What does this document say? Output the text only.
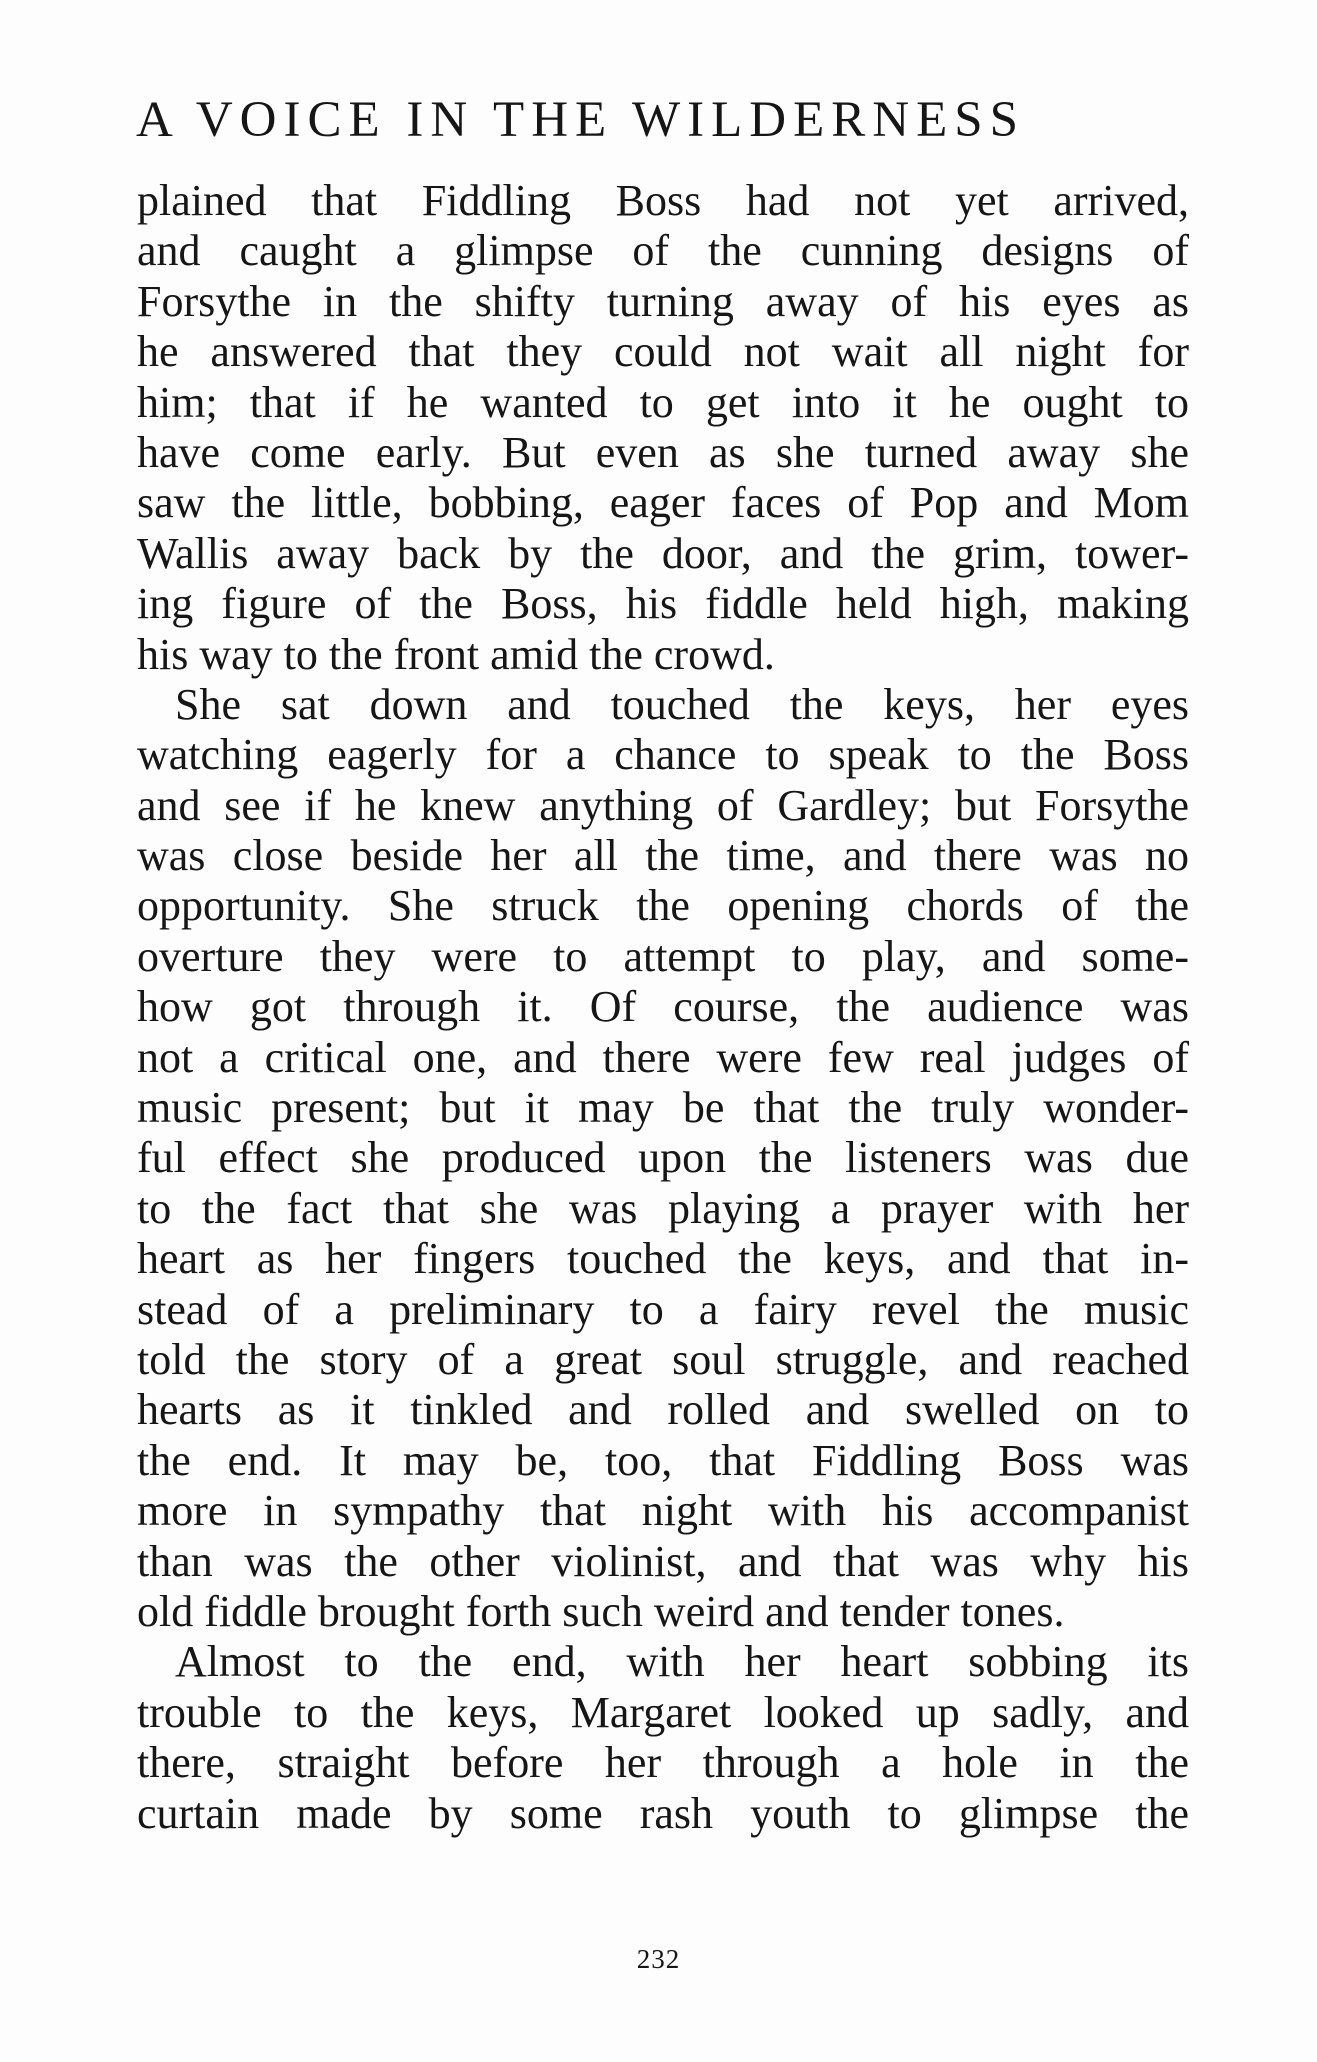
A VOICE IN THE WILDERNESS

plained that Fiddling Boss had not yet arrived,
and caught a glimpse of the cunning designs of
Forsythe in the shifty turning away of his eyes as
he answered that they could not wait all night for
him; that if he wanted to get into it he ought to
have come early. But even as she turned away she
saw the little, bobbing, eager faces of Pop and Mom
Wallis away back by the door, and the grim, tower-
ing figure of the Boss, his fiddle held high, making
his way to the front amid the crowd.

She sat down and touched the keys, her eyes
watching eagerly for a chance to speak to the Boss
and see if he knew anything of Gardley; but Forsythe
was close beside her all the time, and there was no
opportunity. She struck the opening chords of the
overture they were to attempt to play, and some-
how got through it. Of course, the audience was
not a critical one, and there were few real judges of
music present; but it may be that the truly wonder-
ful effect she produced upon the listeners was due
to the fact that she was playing a prayer with her
heart as her fingers touched the keys, and that in-
stead of a preliminary to a fairy revel the music
told the story of a great soul struggle, and reached
hearts as it tinkled and rolled and swelled on to
the end. It may be, too, that Fiddling Boss was
more in sympathy that night with his accompanist
than was the other violinist, and that was why his
old fiddle brought forth such weird and tender tones.

Almost to the end, with her heart sobbing its
trouble to the keys, Margaret looked up sadly, and
there, straight before her through a hole in the
curtain made by some rash youth to glimpse the

232
